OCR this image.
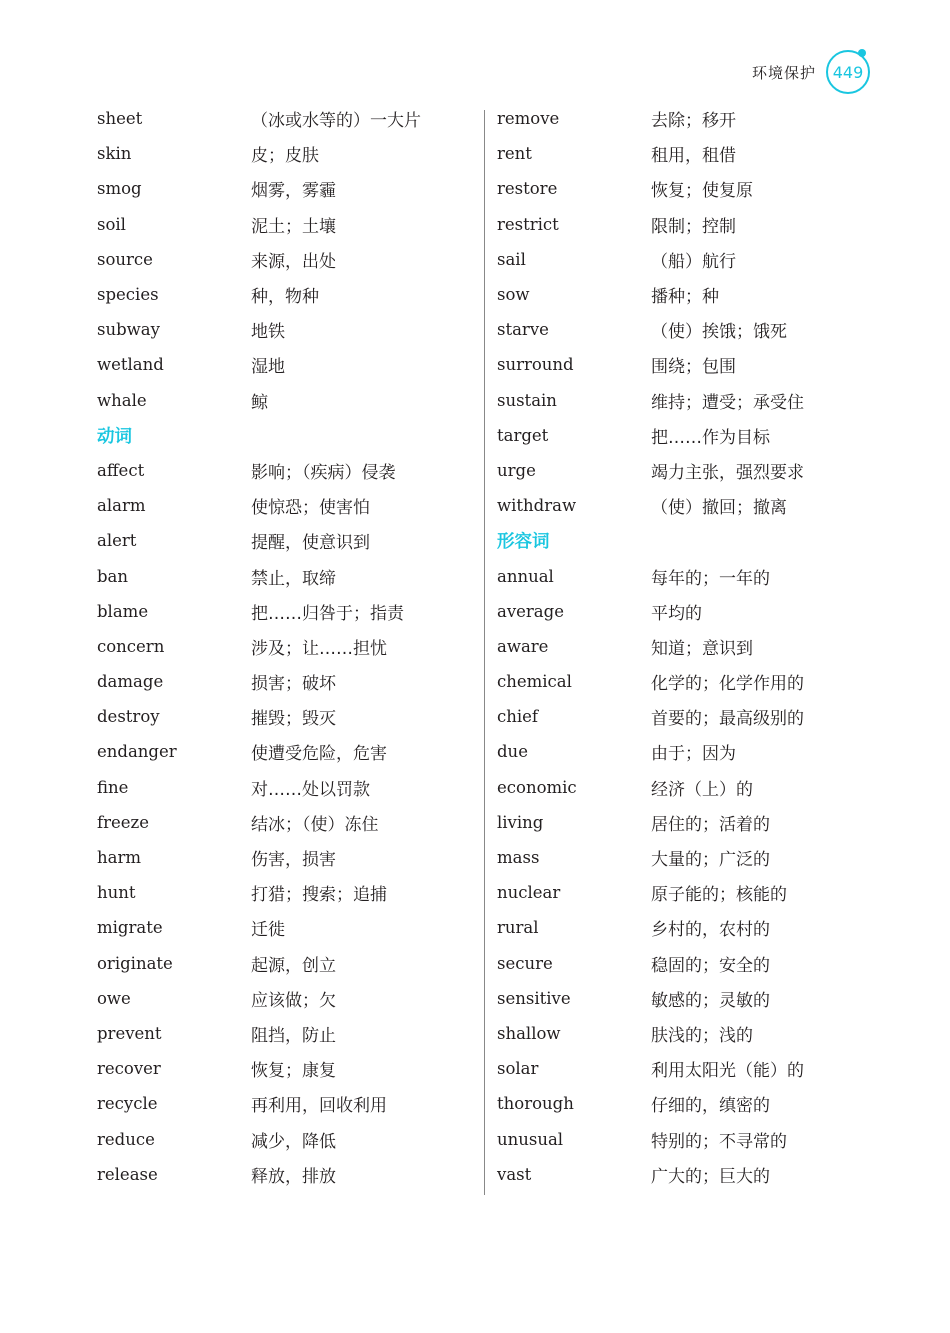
环境保护 449
sheet	（冰或水等的）一大片
skin	皮；皮肤
smog	烟雾，雾霾
soil	泥土；土壤
source	来源，出处
species	种，物种
subway	地铁
wetland	湿地
whale	鲸
动词
affect	影响；（疾病）侵袭
alarm	使惊恐；使害怕
alert	提醒，使意识到
ban	禁止，取缔
blame	把……归咎于；指责
concern	涉及；让……担忧
damage	损害；破坏
destroy	摧毁；毁灭
endanger	使遭受危险，危害
fine	对……处以罚款
freeze	结冰；（使）冻住
harm	伤害，损害
hunt	打猎；搜索；追捕
migrate	迁徙
originate	起源，创立
owe	应该做；欠
prevent	阻挡，防止
recover	恢复；康复
recycle	再利用，回收利用
reduce	减少，降低
release	释放，排放
remove	去除；移开
rent	租用，租借
restore	恢复；使复原
restrict	限制；控制
sail	（船）航行
sow	播种；种
starve	（使）挨饿；饿死
surround	围绕；包围
sustain	维持；遭受；承受住
target	把……作为目标
urge	竭力主张，强烈要求
withdraw	（使）撤回；撤离
形容词
annual	每年的；一年的
average	平均的
aware	知道；意识到
chemical	化学的；化学作用的
chief	首要的；最高级别的
due	由于；因为
economic	经济（上）的
living	居住的；活着的
mass	大量的；广泛的
nuclear	原子能的；核能的
rural	乡村的，农村的
secure	稳固的；安全的
sensitive	敏感的；灵敏的
shallow	肤浅的；浅的
solar	利用太阳光（能）的
thorough	仔细的，缜密的
unusual	特别的；不寻常的
vast	广大的；巨大的
